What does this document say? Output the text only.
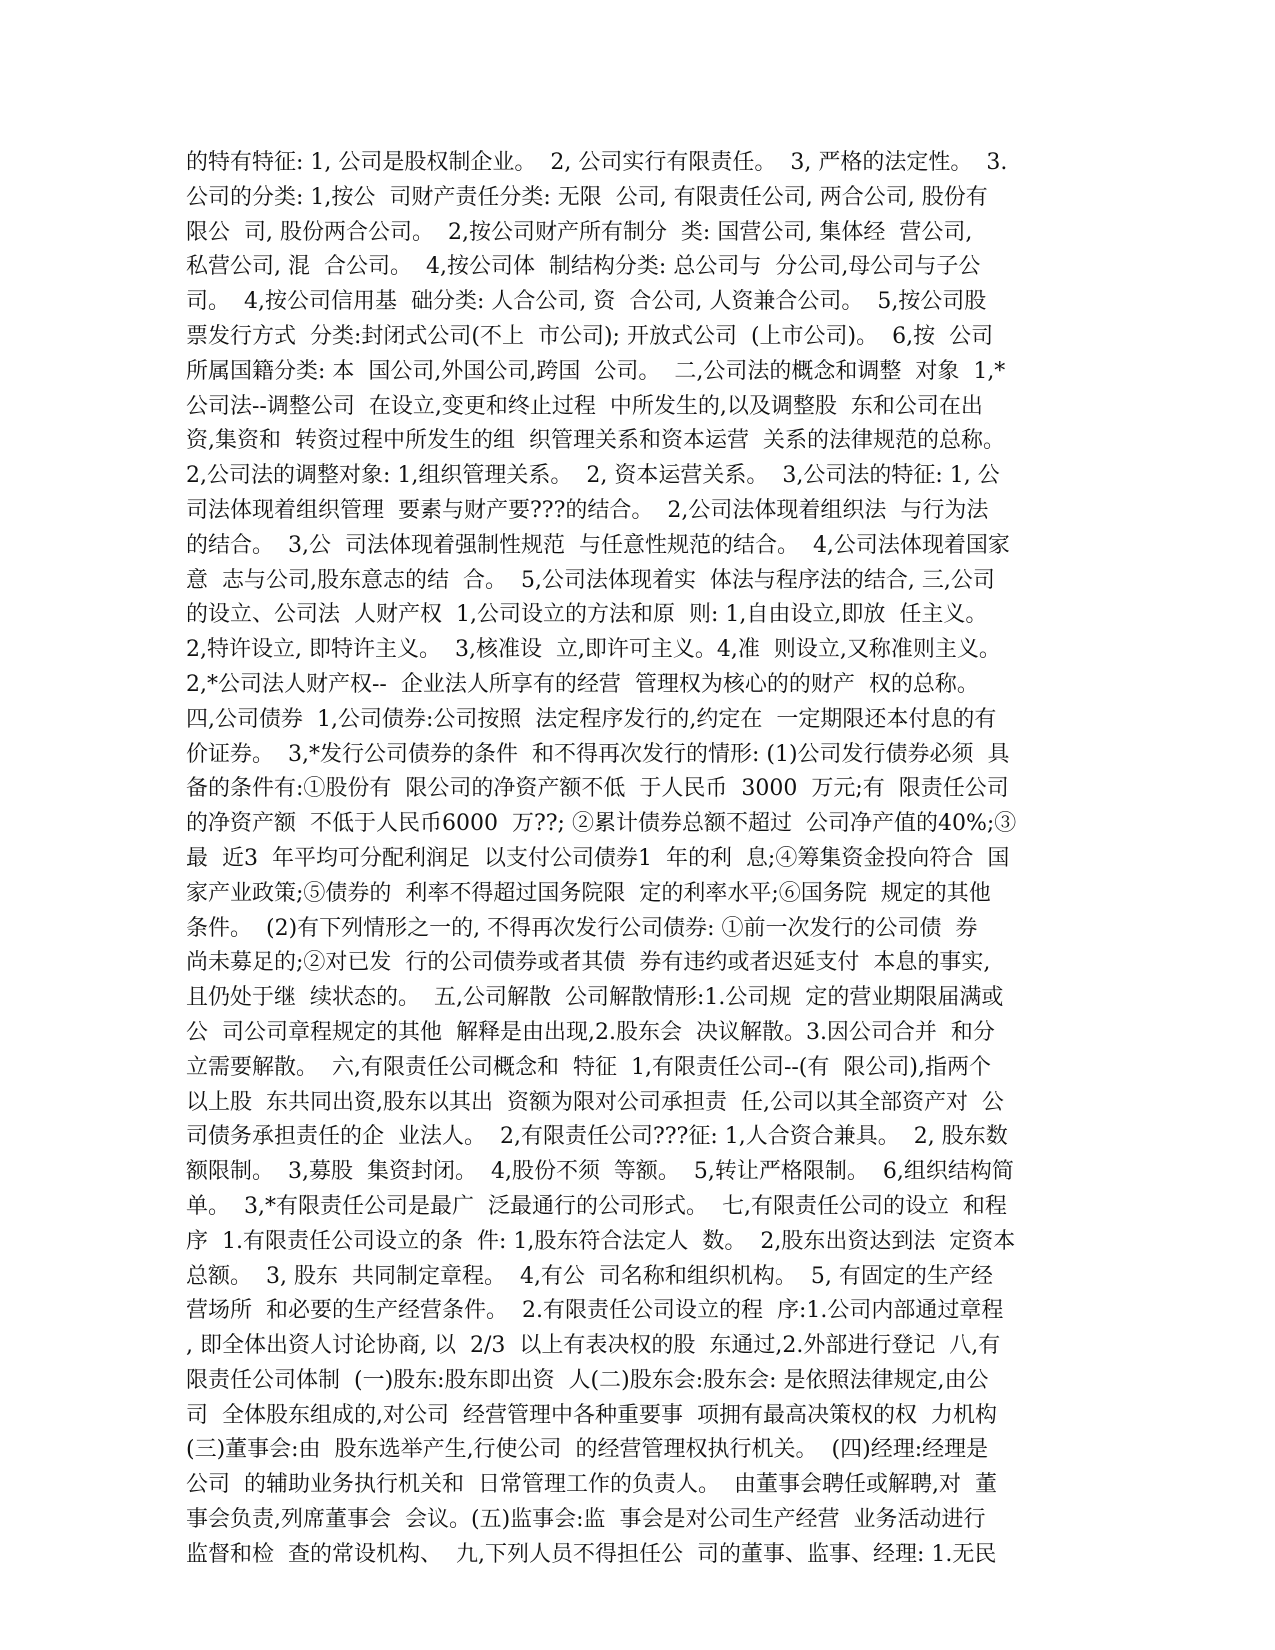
的特有特征: 1, 公司是股权制企业。  2, 公司实行有限责任。  3, 严格的法定性。  3.
公司的分类: 1,按公  司财产责任分类: 无限  公司, 有限责任公司, 两合公司, 股份有
限公  司, 股份两合公司。  2,按公司财产所有制分  类: 国营公司, 集体经  营公司,
私营公司, 混  合公司。  4,按公司体  制结构分类: 总公司与  分公司,母公司与子公
司。  4,按公司信用基  础分类: 人合公司, 资  合公司, 人资兼合公司。  5,按公司股
票发行方式  分类:封闭式公司(不上  市公司); 开放式公司  (上市公司)。  6,按  公司
所属国籍分类: 本  国公司,外国公司,跨国  公司。  二,公司法的概念和调整  对象  1,*
公司法--调整公司  在设立,变更和终止过程  中所发生的,以及调整股  东和公司在出
资,集资和  转资过程中所发生的组  织管理关系和资本运营  关系的法律规范的总称。
2,公司法的调整对象: 1,组织管理关系。  2, 资本运营关系。  3,公司法的特征: 1, 公
司法体现着组织管理  要素与财产要???的结合。  2,公司法体现着组织法  与行为法
的结合。  3,公  司法体现着强制性规范  与任意性规范的结合。  4,公司法体现着国家
意  志与公司,股东意志的结  合。  5,公司法体现着实  体法与程序法的结合, 三,公司
的设立、公司法  人财产权  1,公司设立的方法和原  则: 1,自由设立,即放  任主义。
2,特许设立, 即特许主义。  3,核准设  立,即许可主义。4,准  则设立,又称准则主义。
2,*公司法人财产权--  企业法人所享有的经营  管理权为核心的的财产  权的总称。
四,公司债券  1,公司债券:公司按照  法定程序发行的,约定在  一定期限还本付息的有
价证券。  3,*发行公司债券的条件  和不得再次发行的情形: (1)公司发行债券必须  具
备的条件有:①股份有  限公司的净资产额不低  于人民币  3000  万元;有  限责任公司
的净资产额  不低于人民币6000  万??; ②累计债券总额不超过  公司净产值的40%;③
最  近3  年平均可分配利润足  以支付公司债券1  年的利  息;④筹集资金投向符合  国
家产业政策;⑤债券的  利率不得超过国务院限  定的利率水平;⑥国务院  规定的其他
条件。  (2)有下列情形之一的, 不得再次发行公司债券: ①前一次发行的公司债  券
尚未募足的;②对已发  行的公司债券或者其债  券有违约或者迟延支付  本息的事实,
且仍处于继  续状态的。  五,公司解散  公司解散情形:1.公司规  定的营业期限届满或
公  司公司章程规定的其他  解释是由出现,2.股东会  决议解散。3.因公司合并  和分
立需要解散。  六,有限责任公司概念和  特征  1,有限责任公司--(有  限公司),指两个
以上股  东共同出资,股东以其出  资额为限对公司承担责  任,公司以其全部资产对  公
司债务承担责任的企  业法人。  2,有限责任公司???征: 1,人合资合兼具。  2, 股东数
额限制。  3,募股  集资封闭。  4,股份不须  等额。  5,转让严格限制。  6,组织结构简
单。  3,*有限责任公司是最广  泛最通行的公司形式。  七,有限责任公司的设立  和程
序  1.有限责任公司设立的条  件: 1,股东符合法定人  数。  2,股东出资达到法  定资本
总额。  3, 股东  共同制定章程。  4,有公  司名称和组织机构。  5, 有固定的生产经
营场所  和必要的生产经营条件。  2.有限责任公司设立的程  序:1.公司内部通过章程
, 即全体出资人讨论协商, 以  2/3  以上有表决权的股  东通过,2.外部进行登记  八,有
限责任公司体制  (一)股东:股东即出资  人(二)股东会:股东会: 是依照法律规定,由公
司  全体股东组成的,对公司  经营管理中各种重要事  项拥有最高决策权的权  力机构
(三)董事会:由  股东选举产生,行使公司  的经营管理权执行机关。  (四)经理:经理是
公司  的辅助业务执行机关和  日常管理工作的负责人。  由董事会聘任或解聘,对  董
事会负责,列席董事会  会议。(五)监事会:监  事会是对公司生产经营  业务活动进行
监督和检  查的常设机构、  九,下列人员不得担任公  司的董事、监事、经理: 1.无民
